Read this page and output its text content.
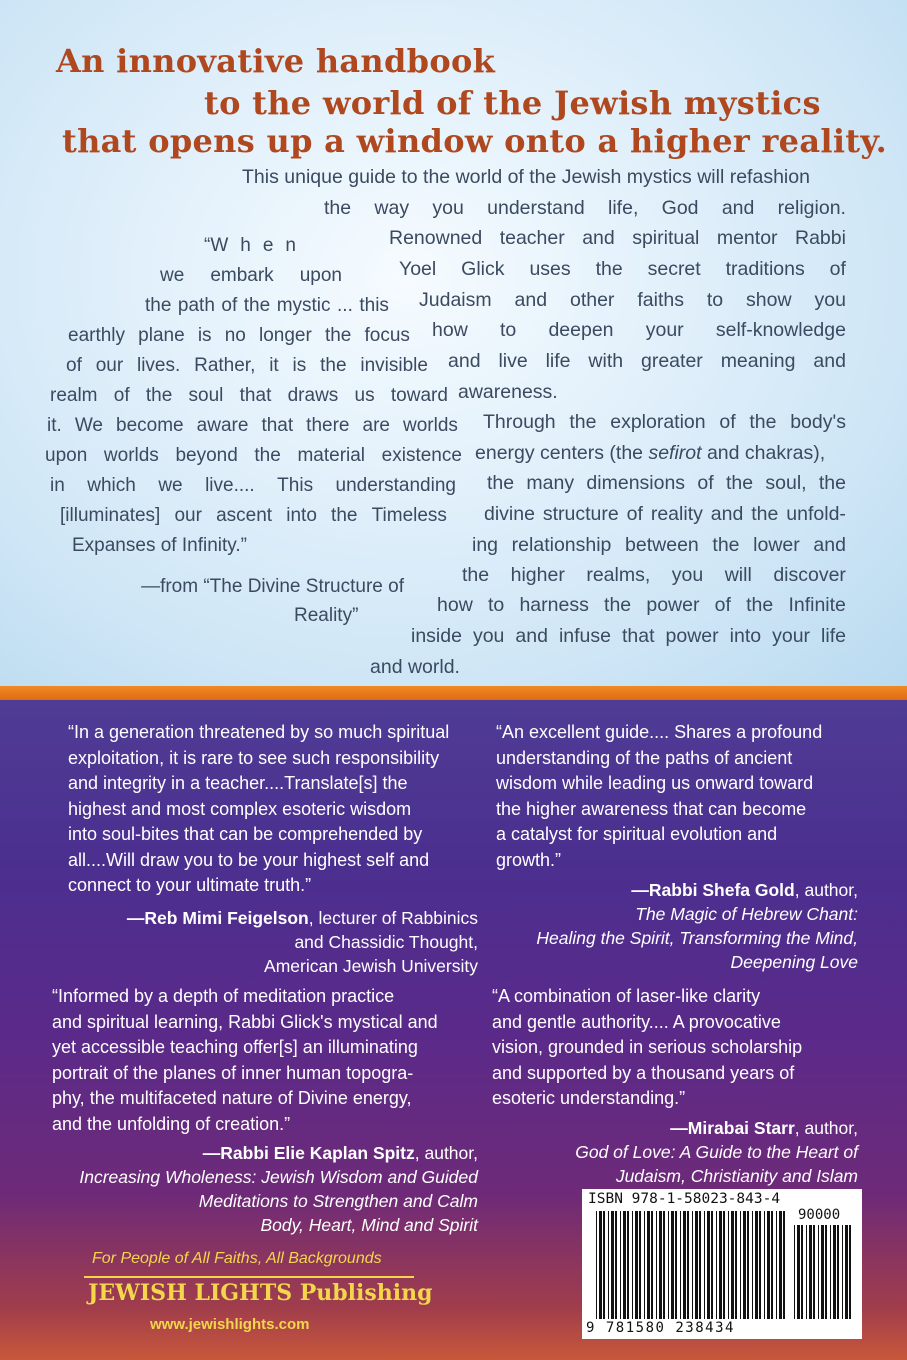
An innovative handbook
to the world of the Jewish mystics
that opens up a window onto a higher reality.
This unique guide to the world of the Jewish mystics will refashion
the way you understand life, God and religion.
Renowned teacher and spiritual mentor Rabbi
Yoel Glick uses the secret traditions of
Judaism and other faiths to show you
how to deepen your self-knowledge
and live life with greater meaning and
awareness.
Through the exploration of the body's
energy centers (the sefirot and chakras),
the many dimensions of the soul, the
divine structure of reality and the unfold-
ing relationship between the lower and
the higher realms, you will discover
how to harness the power of the Infinite
inside you and infuse that power into your life
and world.
“W h e n
we embark upon
the path of the mystic ... this
earthly plane is no longer the focus
of our lives. Rather, it is the invisible
realm of the soul that draws us toward
it. We become aware that there are worlds
upon worlds beyond the material existence
in which we live.... This understanding
[illuminates] our ascent into the Timeless
Expanses of Infinity.”
—from “The Divine Structure of
Reality”
“In a generation threatened by so much spiritual
exploitation, it is rare to see such responsibility
and integrity in a teacher....Translate[s] the
highest and most complex esoteric wisdom
into soul-bites that can be comprehended by
all....Will draw you to be your highest self and
connect to your ultimate truth.”
—Reb Mimi Feigelson, lecturer of Rabbinics
and Chassidic Thought,
American Jewish University
“An excellent guide.... Shares a profound
understanding of the paths of ancient
wisdom while leading us onward toward
the higher awareness that can become
a catalyst for spiritual evolution and
growth.”
—Rabbi Shefa Gold, author,
The Magic of Hebrew Chant:
Healing the Spirit, Transforming the Mind,
Deepening Love
“Informed by a depth of meditation practice
and spiritual learning, Rabbi Glick's mystical and
yet accessible teaching offer[s] an illuminating
portrait of the planes of inner human topogra-
phy, the multifaceted nature of Divine energy,
and the unfolding of creation.”
—Rabbi Elie Kaplan Spitz, author,
Increasing Wholeness: Jewish Wisdom and Guided
Meditations to Strengthen and Calm
Body, Heart, Mind and Spirit
“A combination of laser-like clarity
and gentle authority.... A provocative
vision, grounded in serious scholarship
and supported by a thousand years of
esoteric understanding.”
—Mirabai Starr, author,
God of Love: A Guide to the Heart of
Judaism, Christianity and Islam
For People of All Faiths, All Backgrounds
JEWISH LIGHTS Publishing
www.jewishlights.com
ISBN 978-1-58023-843-4
90000
9 781580 238434
